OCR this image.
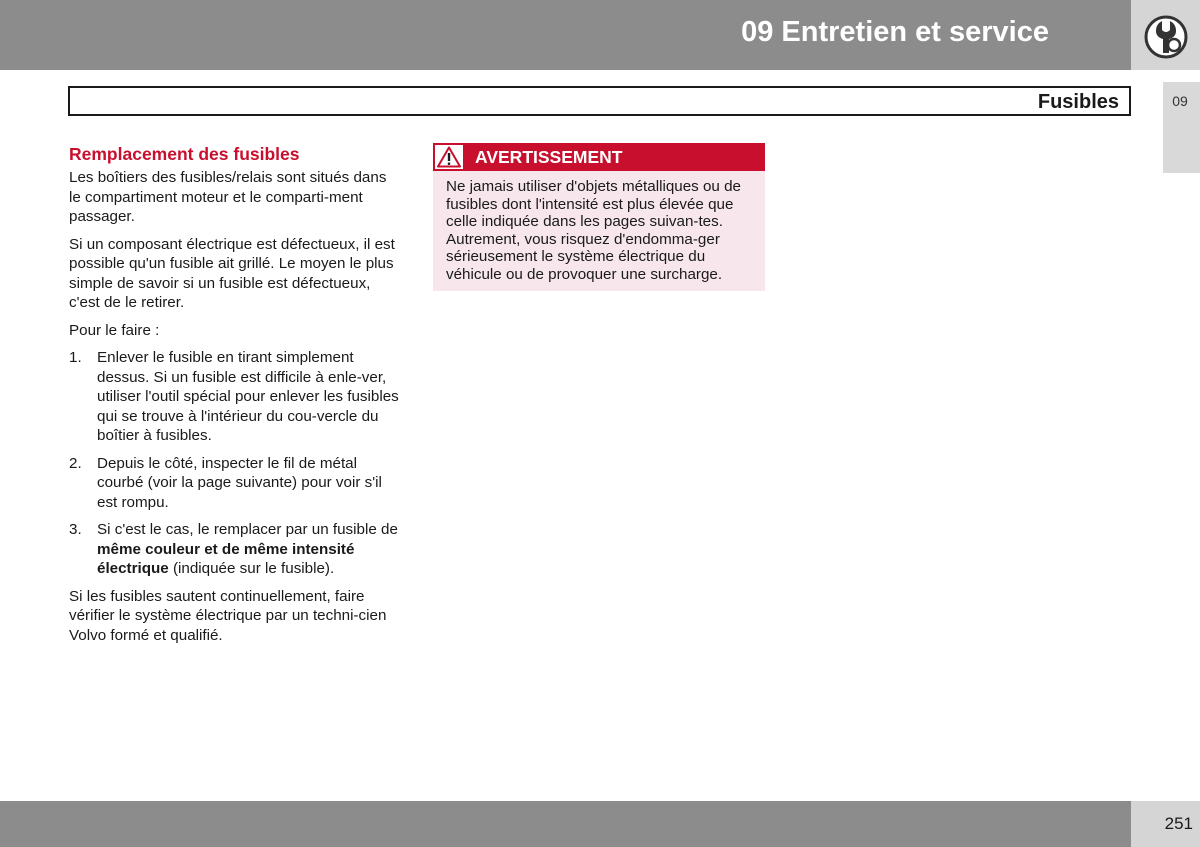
09 Entretien et service
Fusibles	09
Remplacement des fusibles

Les boîtiers des fusibles/relais sont situés dans le compartiment moteur et le comparti-ment passager.

Si un composant électrique est défectueux, il est possible qu'un fusible ait grillé. Le moyen le plus simple de savoir si un fusible est défectueux, c'est de le retirer.

Pour le faire :

1. Enlever le fusible en tirant simplement dessus. Si un fusible est difficile à enle-ver, utiliser l'outil spécial pour enlever les fusibles qui se trouve à l'intérieur du cou-vercle du boîtier à fusibles.
2. Depuis le côté, inspecter le fil de métal courbé (voir la page suivante) pour voir s'il est rompu.
3. Si c'est le cas, le remplacer par un fusible de même couleur et de même intensité électrique (indiquée sur le fusible).

Si les fusibles sautent continuellement, faire vérifier le système électrique par un techni-cien Volvo formé et qualifié.

AVERTISSEMENT
Ne jamais utiliser d'objets métalliques ou de fusibles dont l'intensité est plus élevée que celle indiquée dans les pages suivan-tes. Autrement, vous risquez d'endomma-ger sérieusement le système électrique du véhicule ou de provoquer une surcharge.
251
